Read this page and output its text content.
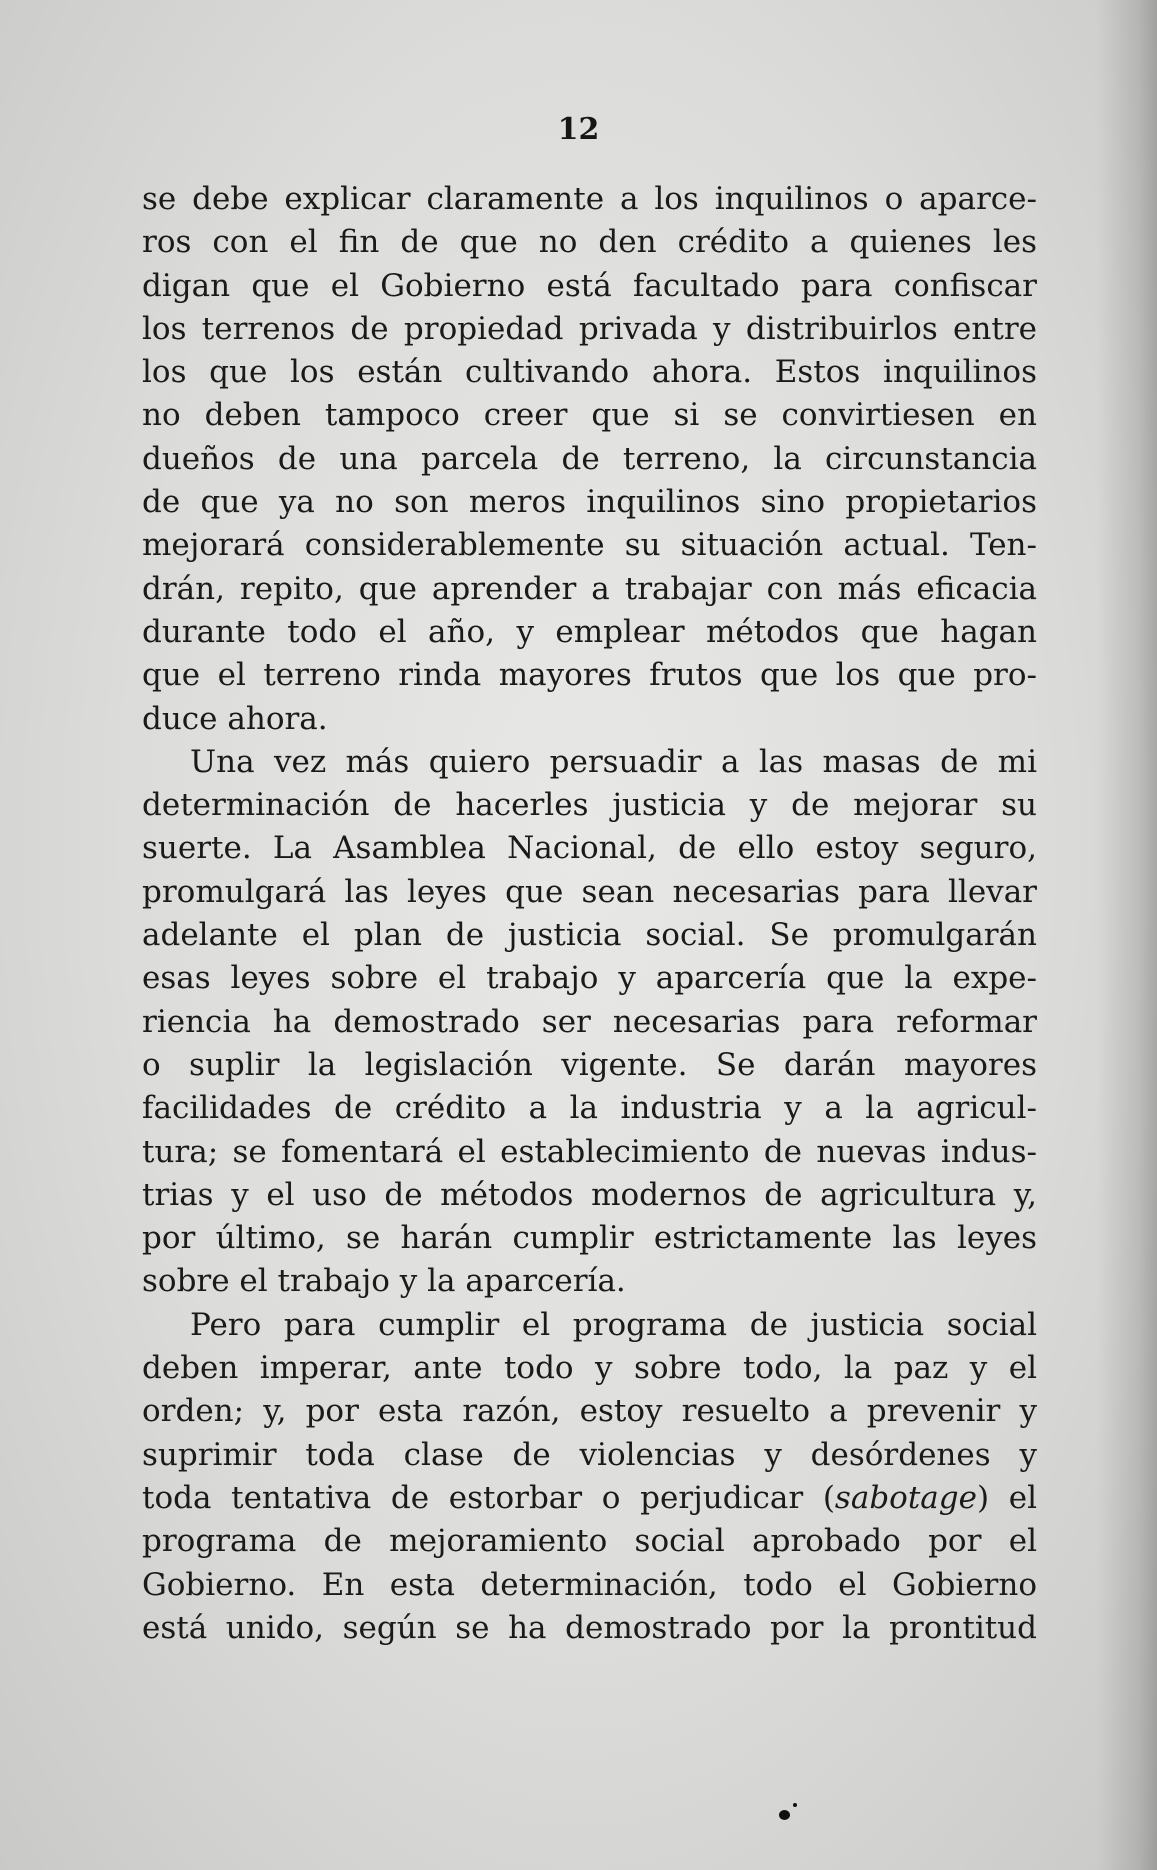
12
se debe explicar claramente a los inquilinos o aparce-
ros con el fin de que no den crédito a quienes les
digan que el Gobierno está facultado para confiscar
los terrenos de propiedad privada y distribuirlos entre
los que los están cultivando ahora. Estos inquilinos
no deben tampoco creer que si se convirtiesen en
dueños de una parcela de terreno, la circunstancia
de que ya no son meros inquilinos sino propietarios
mejorará considerablemente su situación actual. Ten-
drán, repito, que aprender a trabajar con más eficacia
durante todo el año, y emplear métodos que hagan
que el terreno rinda mayores frutos que los que pro-
duce ahora.
Una vez más quiero persuadir a las masas de mi
determinación de hacerles justicia y de mejorar su
suerte. La Asamblea Nacional, de ello estoy seguro,
promulgará las leyes que sean necesarias para llevar
adelante el plan de justicia social. Se promulgarán
esas leyes sobre el trabajo y aparcería que la expe-
riencia ha demostrado ser necesarias para reformar
o suplir la legislación vigente. Se darán mayores
facilidades de crédito a la industria y a la agricul-
tura; se fomentará el establecimiento de nuevas indus-
trias y el uso de métodos modernos de agricultura y,
por último, se harán cumplir estrictamente las leyes
sobre el trabajo y la aparcería.
Pero para cumplir el programa de justicia social
deben imperar, ante todo y sobre todo, la paz y el
orden; y, por esta razón, estoy resuelto a prevenir y
suprimir toda clase de violencias y desórdenes y
toda tentativa de estorbar o perjudicar (sabotage) el
programa de mejoramiento social aprobado por el
Gobierno. En esta determinación, todo el Gobierno
está unido, según se ha demostrado por la prontitud
